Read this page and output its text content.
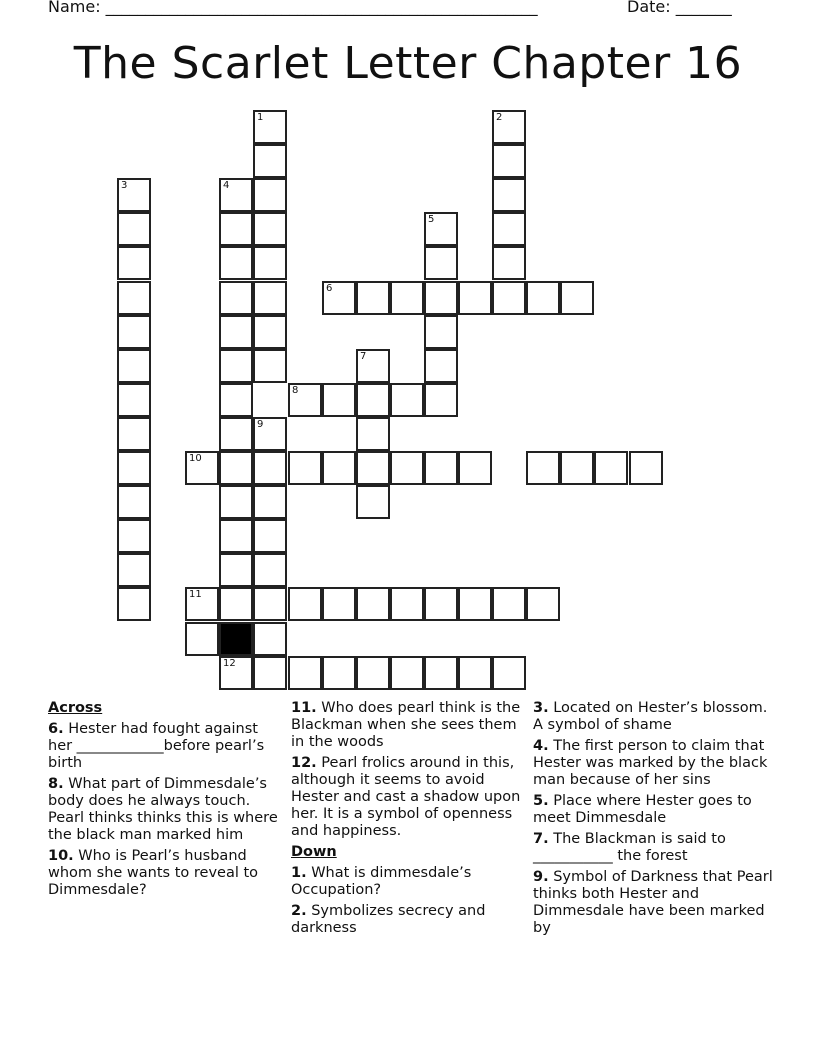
Name: ______________________________________________________	Date: _______
The Scarlet Letter Chapter 16
1	2
3	4
5
6
7
8
9
10
11
12
Across
6. Hester had fought against her ____________before pearl’s birth
8. What part of Dimmesdale’s body does he always touch. Pearl thinks thinks this is where the black man marked him
10. Who is Pearl’s husband whom she wants to reveal to Dimmesdale?
11. Who does pearl think is the Blackman when she sees them in the woods
12. Pearl frolics around in this, although it seems to avoid Hester and cast a shadow upon her. It is a symbol of openness and happiness.
Down
1. What is dimmesdale’s Occupation?
2. Symbolizes secrecy and darkness
3. Located on Hester’s blossom. A symbol of shame
4. The first person to claim that Hester was marked by the black man because of her sins
5. Place where Hester goes to meet Dimmesdale
7. The Blackman is said to ___________ the forest
9. Symbol of Darkness that Pearl thinks both Hester and Dimmesdale have been marked by
